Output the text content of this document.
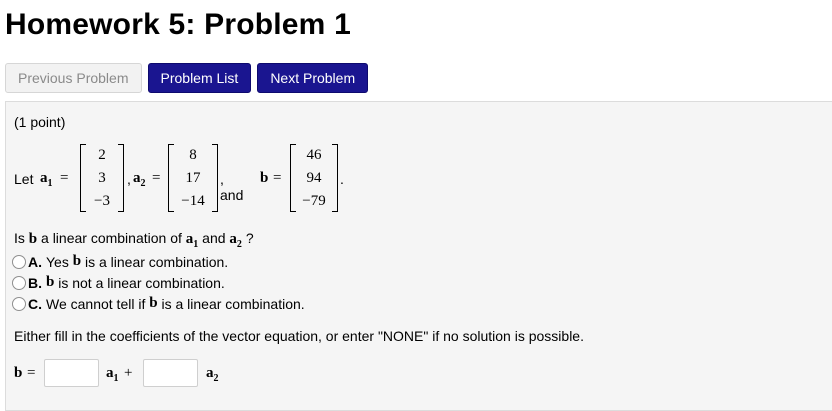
Homework 5: Problem 1
Previous Problem	Problem List	Next Problem
(1 point)
Let $a_1$ =
2
3
−3
, $a_2$ =
8
17
−14
, and
b =
46
94
−79
.
Is b a linear combination of $a_1$ and $a_2$ ?
A. Yes
b
is a linear combination.
B. b
is not a linear combination.
C. We cannot tell if
b
is a linear combination.
Either fill in the coefficients of the vector equation, or enter "NONE" if no solution is possible.
b =	$a_1$ +	$a_2$
